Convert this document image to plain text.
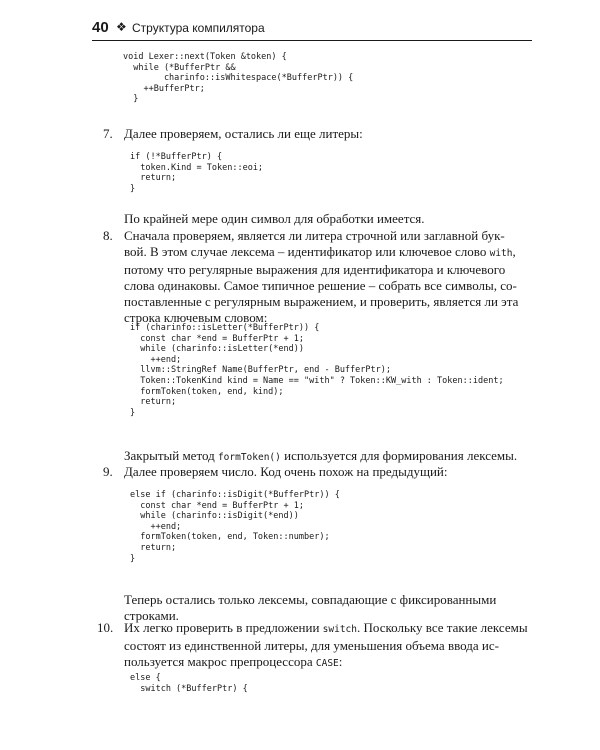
40 ❖ Структура компилятора
void Lexer::next(Token &token) {
while (*BufferPtr &&
charinfo::isWhitespace(*BufferPtr)) {
++BufferPtr;
}
7. Далее проверяем, остались ли еще литеры:

if (!*BufferPtr) {
token.Kind = Token::eoi;
return;
}

По крайней мере один символ для обработки имеется.

8. Сначала проверяем, является ли литера строчной или заглавной бук-
вой. В этом случае лексема – идентификатор или ключевое слово with,
потому что регулярные выражения для идентификатора и ключевого
слова одинаковы. Самое типичное решение – собрать все символы, со-
поставленные с регулярным выражением, и проверить, является ли эта
строка ключевым словом:

if (charinfo::isLetter(*BufferPtr)) {
const char *end = BufferPtr + 1;
while (charinfo::isLetter(*end))
++end;
llvm::StringRef Name(BufferPtr, end - BufferPtr);
Token::TokenKind kind = Name == "with" ? Token::KW_with : Token::ident;
formToken(token, end, kind);
return;
}

Закрытый метод formToken() используется для формирования лексемы.

9. Далее проверяем число. Код очень похож на предыдущий:

else if (charinfo::isDigit(*BufferPtr)) {
const char *end = BufferPtr + 1;
while (charinfo::isDigit(*end))
++end;
formToken(token, end, Token::number);
return;
}

Теперь остались только лексемы, совпадающие с фиксированными
строками.

10. Их легко проверить в предложении switch. Поскольку все такие лексемы
состоят из единственной литеры, для уменьшения объема ввода ис-
пользуется макрос препроцессора CASE:

else {
switch (*BufferPtr) {
